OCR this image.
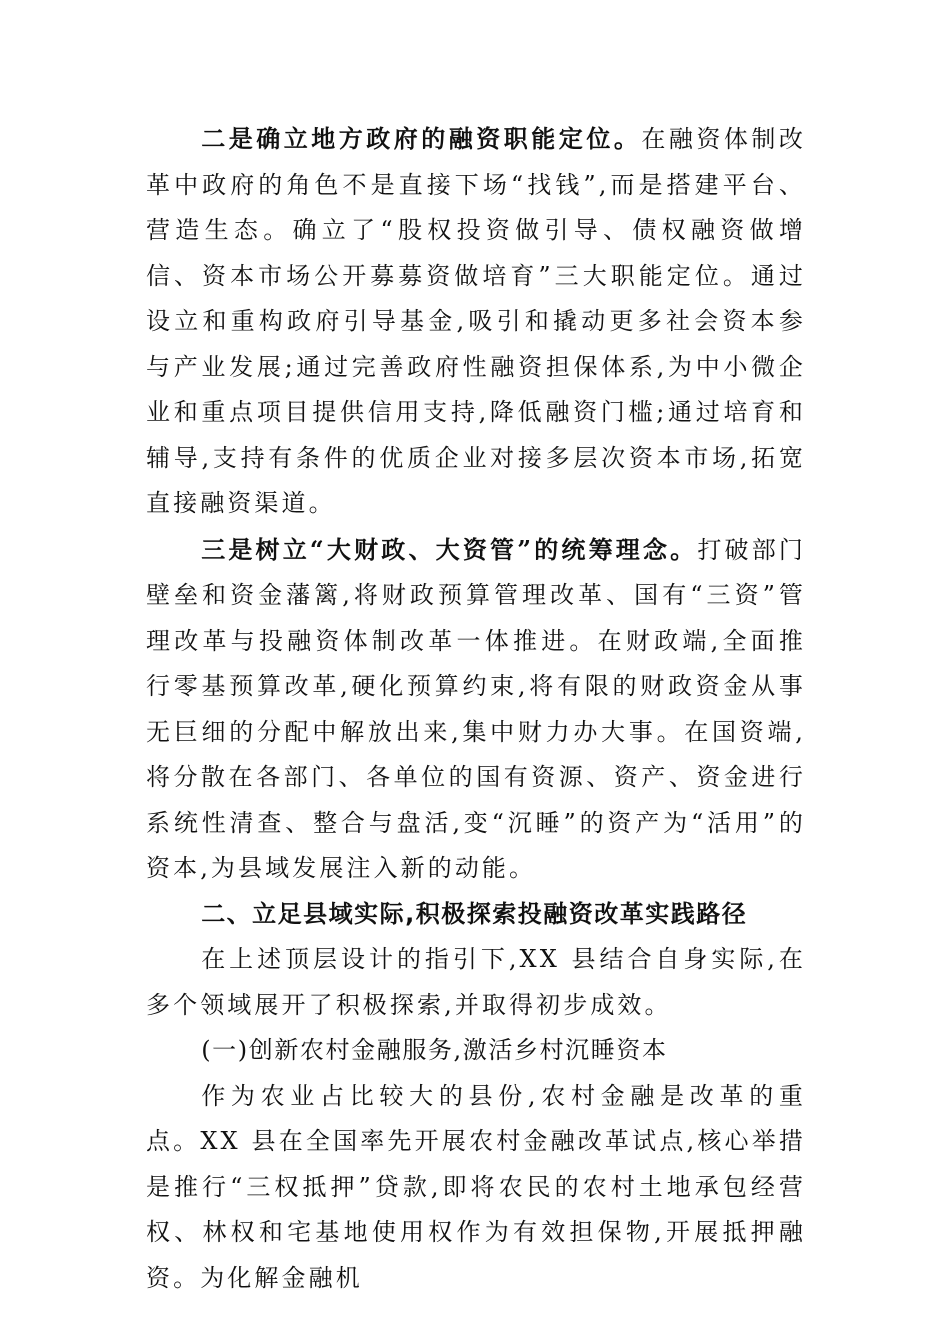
二是确立地方政府的融资职能定位。在融资体制改革中政府的角色不是直接下场“找钱”,而是搭建平台、营造生态。确立了“股权投资做引导、债权融资做增信、资本市场公开募募资做培育”三大职能定位。通过设立和重构政府引导基金,吸引和撬动更多社会资本参与产业发展;通过完善政府性融资担保体系,为中小微企业和重点项目提供信用支持,降低融资门槛;通过培育和辅导,支持有条件的优质企业对接多层次资本市场,拓宽直接融资渠道。

三是树立“大财政、大资管”的统筹理念。打破部门壁垒和资金藩篱,将财政预算管理改革、国有“三资”管理改革与投融资体制改革一体推进。在财政端,全面推行零基预算改革,硬化预算约束,将有限的财政资金从事无巨细的分配中解放出来,集中财力办大事。在国资端,将分散在各部门、各单位的国有资源、资产、资金进行系统性清查、整合与盘活,变“沉睡”的资产为“活用”的资本,为县域发展注入新的动能。

二、立足县域实际,积极探索投融资改革实践路径

在上述顶层设计的指引下,XX 县结合自身实际,在多个领域展开了积极探索,并取得初步成效。

(一)创新农村金融服务,激活乡村沉睡资本

作为农业占比较大的县份,农村金融是改革的重点。XX 县在全国率先开展农村金融改革试点,核心举措是推行“三权抵押”贷款,即将农民的农村土地承包经营权、林权和宅基地使用权作为有效担保物,开展抵押融资。为化解金融机
